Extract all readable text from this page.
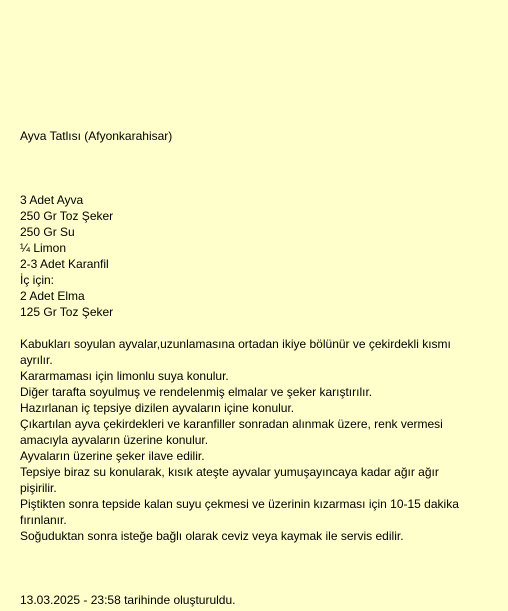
Ayva Tatlısı (Afyonkarahisar)
3 Adet Ayva
250 Gr Toz Şeker
250 Gr Su
¼ Limon
2-3 Adet Karanfil
İç için:
2 Adet Elma
125 Gr Toz Şeker

Kabukları soyulan ayvalar,uzunlamasına ortadan ikiye bölünür ve çekirdekli kısmı ayrılır.

Kararmaması için limonlu suya konulur.

Diğer tarafta soyulmuş ve rendelenmiş elmalar ve şeker karıştırılır.

Hazırlanan iç tepsiye dizilen ayvaların içine konulur.

Çıkartılan ayva çekirdekleri ve karanfiller sonradan alınmak üzere, renk vermesi amacıyla ayvaların üzerine konulur.

Ayvaların üzerine şeker ilave edilir.

Tepsiye biraz su konularak, kısık ateşte ayvalar yumuşayıncaya kadar ağır ağır pişirilir.

Piştikten sonra tepside kalan suyu çekmesi ve üzerinin kızarması için 10-15 dakika fırınlanır.

Soğuduktan sonra isteğe bağlı olarak ceviz veya kaymak ile servis edilir.

13.03.2025 - 23:58 tarihinde oluşturuldu.
